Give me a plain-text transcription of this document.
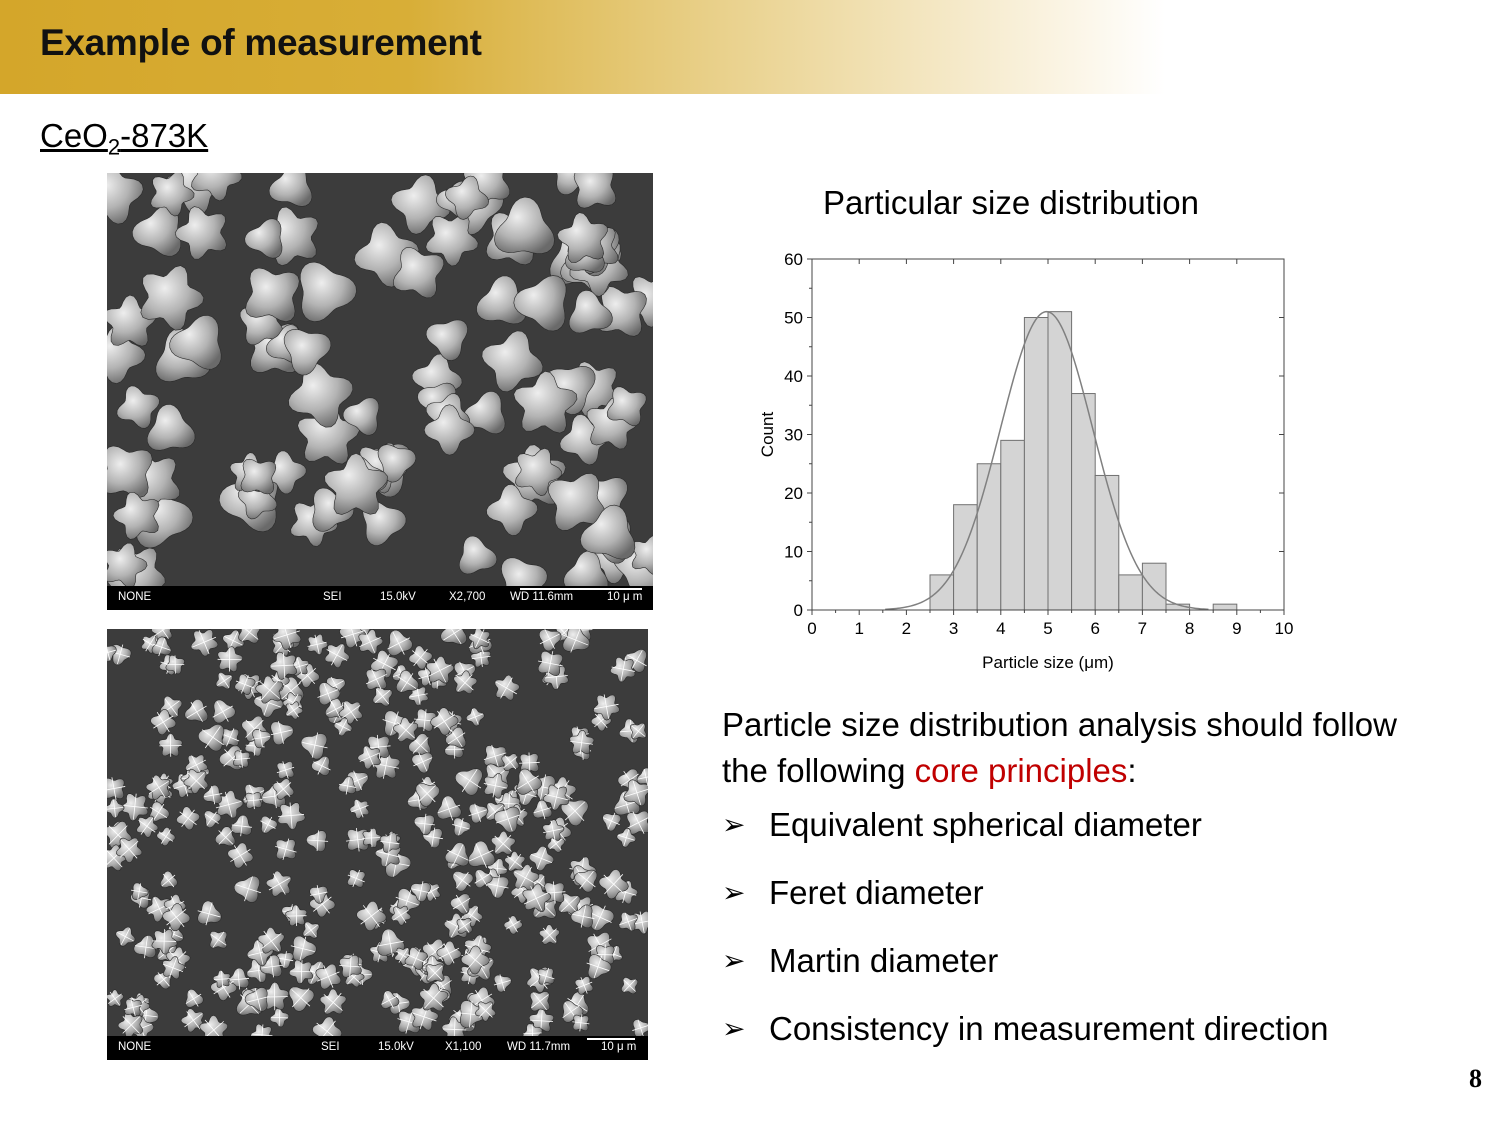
Example of measurement
CeO$_2$-873K
NONE	SEI	15.0kV	X2,700 WD 11.6mm	10 μ m
NONE	SEI	15.0kV	X1,100 WD 11.7mm	10 μ m
Particular size distribution
0 1 2 3 4 5 6 7 8 9 10
0
10
20
30
40
50
60
Particle size (μm)
Count
Particle size distribution analysis should follow the following core principles:
➢ Equivalent spherical diameter
➢ Feret diameter
➢ Martin diameter
➢ Consistency in measurement direction
8
